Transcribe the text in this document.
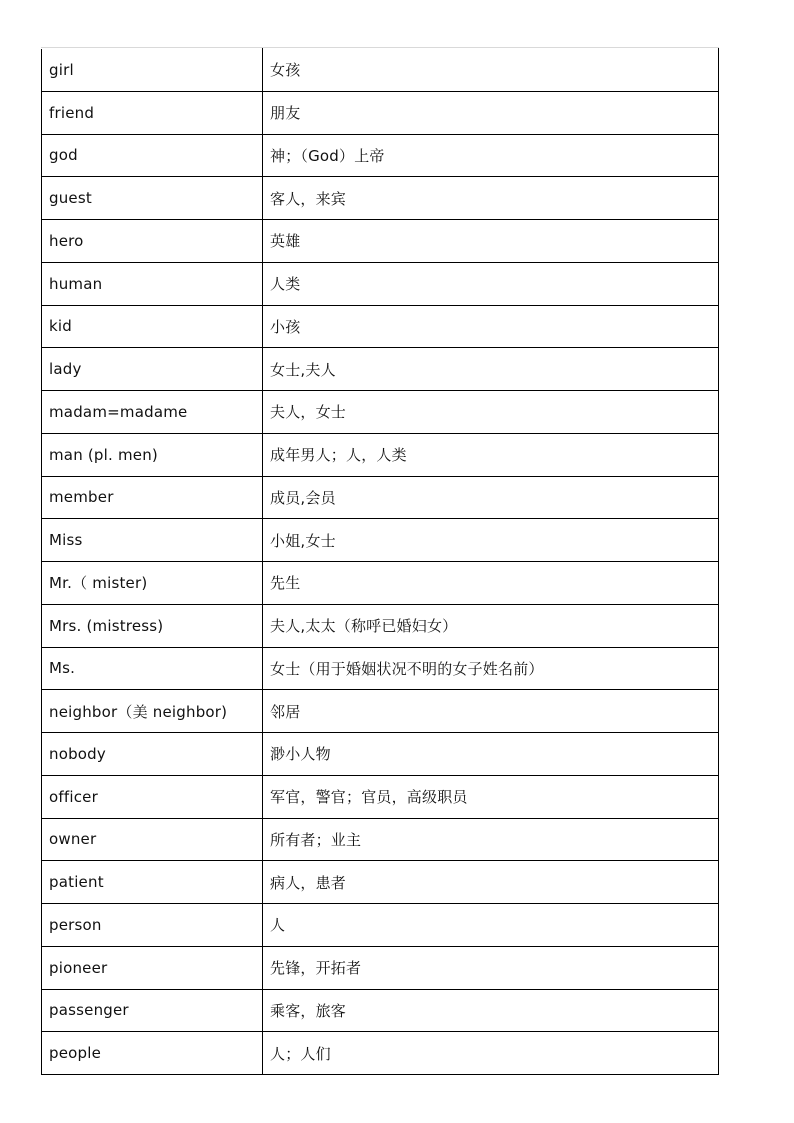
girl	女孩
friend	朋友
god	神；（God）上帝
guest	客人，来宾
hero	英雄
human	人类
kid	小孩
lady	女士,夫人
madam=madame	夫人，女士
man (pl. men)	成年男人；人，人类
member	成员,会员
Miss	小姐,女士
Mr.（ mister)	先生
Mrs. (mistress)	夫人,太太（称呼已婚妇女）
Ms.	女士（用于婚姻状况不明的女子姓名前）
neighbor（美 neighbor)	邻居
nobody	渺小人物
officer	军官，警官；官员，高级职员
owner	所有者；业主
patient	病人，患者
person	人
pioneer	先锋，开拓者
passenger	乘客，旅客
people	人；人们
